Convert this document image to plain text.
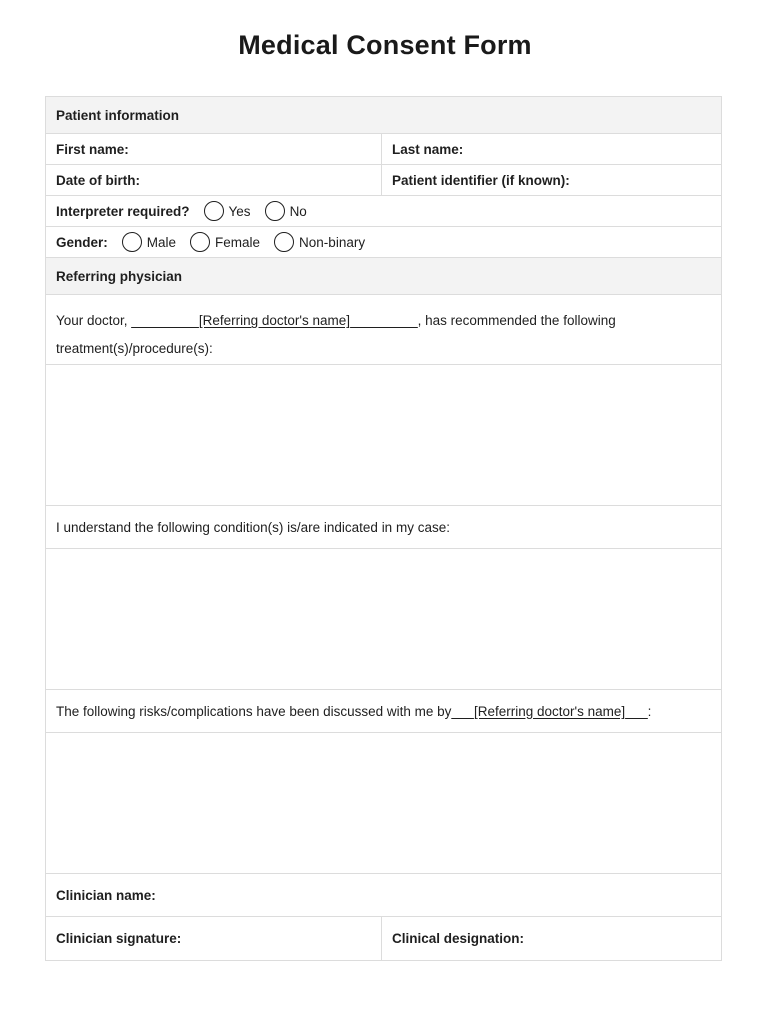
Medical Consent Form
Patient information
First name:	Last name:
Date of birth:	Patient identifier (if known):
Interpreter required?	Yes	No
Gender:	Male	Female	Non-binary
Referring physician
Your doctor, _________[Referring doctor's name]_________, has recommended the following
treatment(s)/procedure(s):
I understand the following condition(s) is/are indicated in my case:
The following risks/complications have been discussed with me by ___[Referring doctor's name]___ :
Clinician name:
Clinician signature:	Clinical designation:
